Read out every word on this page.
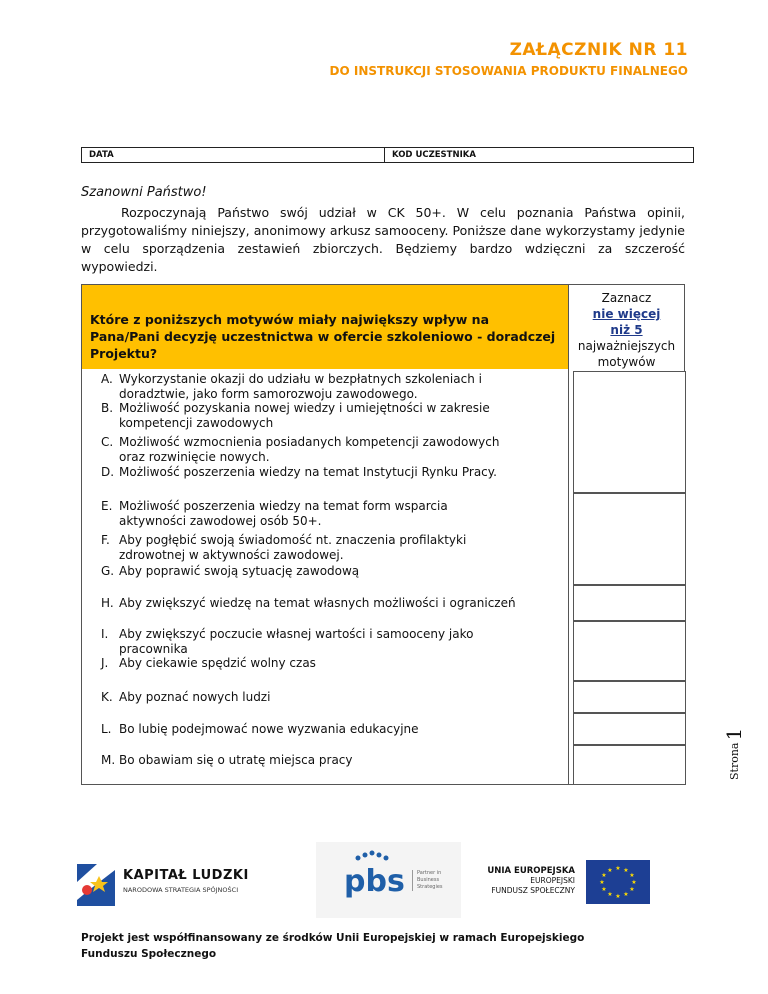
ZAŁĄCZNIK NR 11
DO INSTRUKCJI STOSOWANIA PRODUKTU FINALNEGO
DATA	KOD UCZESTNIKA
Szanowni Państwo!
Rozpoczynają Państwo swój udział w CK 50+. W celu poznania Państwa opinii, przygotowaliśmy niniejszy, anonimowy arkusz samooceny. Poniższe dane wykorzystamy jedynie w celu sporządzenia zestawień zbiorczych. Będziemy bardzo wdzięczni za szczerość wypowiedzi.
Które z poniższych motywów miały największy wpływ na Pana/Pani decyzję uczestnictwa w ofercie szkoleniowo - doradczej Projektu?
Zaznacz
nie więcej
niż 5
najważniejszych motywów
A. Wykorzystanie okazji do udziału w bezpłatnych szkoleniach i doradztwie, jako form samorozwoju zawodowego.
B. Możliwość pozyskania nowej wiedzy i umiejętności w zakresie kompetencji zawodowych
C. Możliwość wzmocnienia posiadanych kompetencji zawodowych oraz rozwinięcie nowych.
D. Możliwość poszerzenia wiedzy na temat Instytucji Rynku Pracy.
E. Możliwość poszerzenia wiedzy na temat form wsparcia aktywności zawodowej osób 50+.
F. Aby pogłębić swoją świadomość nt. znaczenia profilaktyki zdrowotnej w aktywności zawodowej.
G. Aby poprawić swoją sytuację zawodową
H. Aby zwiększyć wiedzę na temat własnych możliwości i ograniczeń
I. Aby zwiększyć poczucie własnej wartości i samooceny jako pracownika
J. Aby ciekawie spędzić wolny czas
K. Aby poznać nowych ludzi
L. Bo lubię podejmować nowe wyzwania edukacyjne
M. Bo obawiam się o utratę miejsca pracy	Strona1
KAPITAŁ LUDZKI
NARODOWA STRATEGIA SPÓJNOŚCI	pbs Partner in
Business
Strategies
UNIA EUROPEJSKA
EUROPEJSKI
FUNDUSZ SPOŁECZNY
★ ★
★
★
★
★
★
★
★
★
★
★
Projekt jest współfinansowany ze środków Unii Europejskiej w ramach Europejskiego Funduszu Społecznego
